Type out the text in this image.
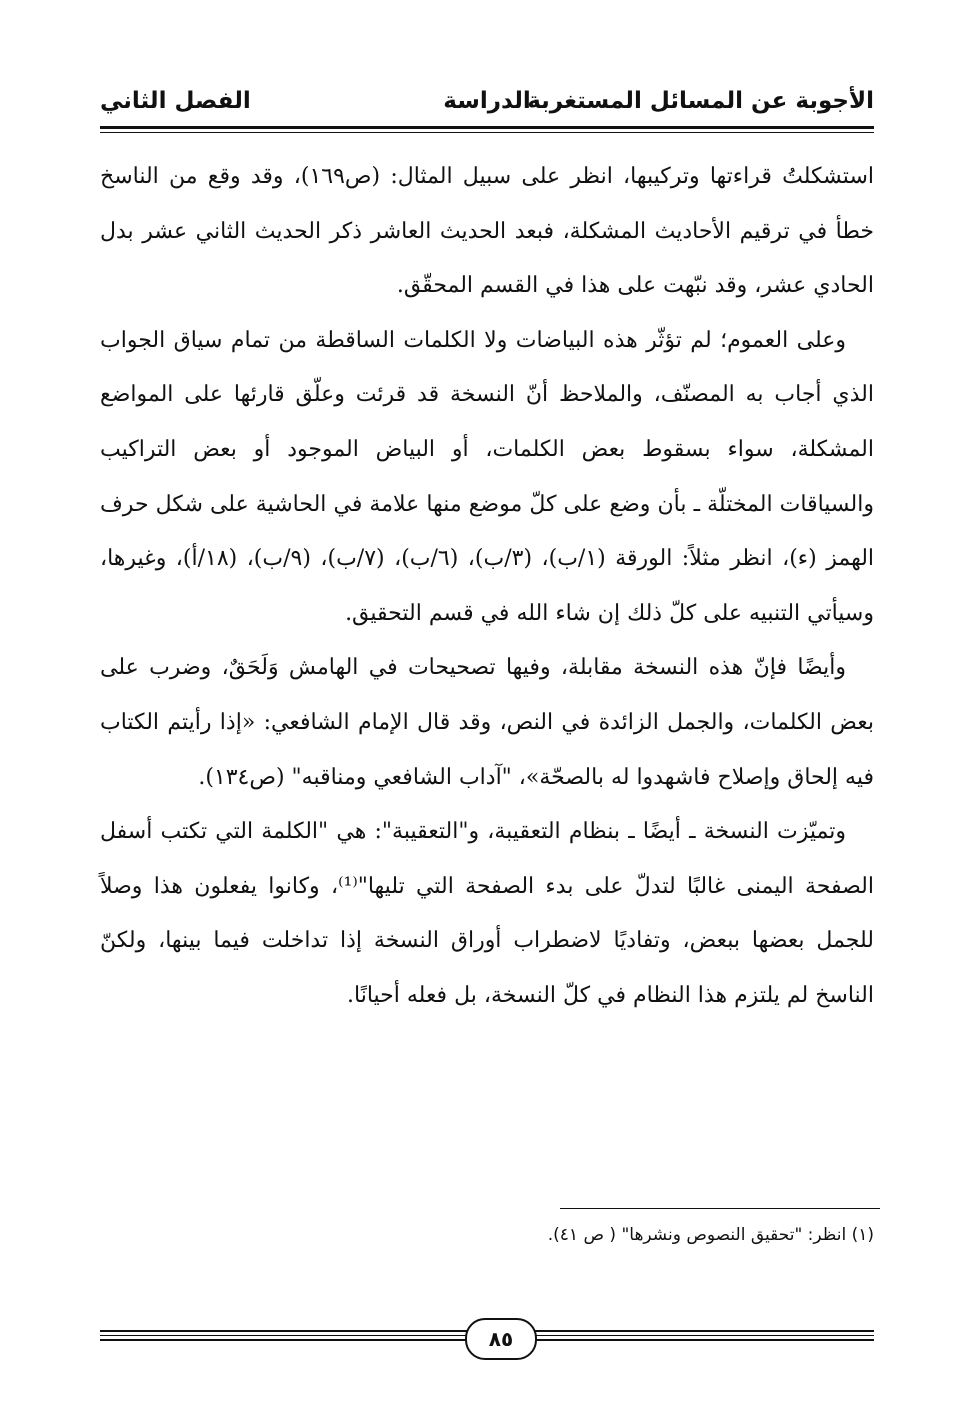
الأجوبة عن المسائل المستغربة
الدراسة
الفصل الثاني

استشكلتُ قراءتها وتركيبها، انظر على سبيل المثال: (ص١٦٩)، وقد وقع من الناسخ خطأ في ترقيم الأحاديث المشكلة، فبعد الحديث العاشر ذكر الحديث الثاني عشر بدل الحادي عشر، وقد نبّهت على هذا في القسم المحقّق.

وعلى العموم؛ لم تؤثّر هذه البياضات ولا الكلمات الساقطة من تمام سياق الجواب الذي أجاب به المصنّف، والملاحظ أنّ النسخة قد قرئت وعلّق قارئها على المواضع المشكلة، سواء بسقوط بعض الكلمات، أو البياض الموجود أو بعض التراكيب والسياقات المختلّة ـ بأن وضع على كلّ موضع منها علامة في الحاشية على شكل حرف الهمز (ء)، انظر مثلاً: الورقة (١/ب)، (٣/ب)، (٦/ب)، (٧/ب)، (٩/ب)، (١٨/أ)، وغيرها، وسيأتي التنبيه على كلّ ذلك إن شاء الله في قسم التحقيق.

وأيضًا فإنّ هذه النسخة مقابلة، وفيها تصحيحات في الهامش وَلَحَقٌ، وضرب على بعض الكلمات، والجمل الزائدة في النص، وقد قال الإمام الشافعي: «إذا رأيتم الكتاب فيه إلحاق وإصلاح فاشهدوا له بالصحّة»، "آداب الشافعي ومناقبه" (ص١٣٤).

وتميّزت النسخة ـ أيضًا ـ بنظام التعقيبة، و"التعقيبة": هي "الكلمة التي تكتب أسفل الصفحة اليمنى غالبًا لتدلّ على بدء الصفحة التي تليها"⁽¹⁾، وكانوا يفعلون هذا وصلاً للجمل بعضها ببعض، وتفاديًا لاضطراب أوراق النسخة إذا تداخلت فيما بينها، ولكنّ الناسخ لم يلتزم هذا النظام في كلّ النسخة، بل فعله أحيانًا.

(١) انظر: "تحقيق النصوص ونشرها" ( ص ٤١).
٨٥
